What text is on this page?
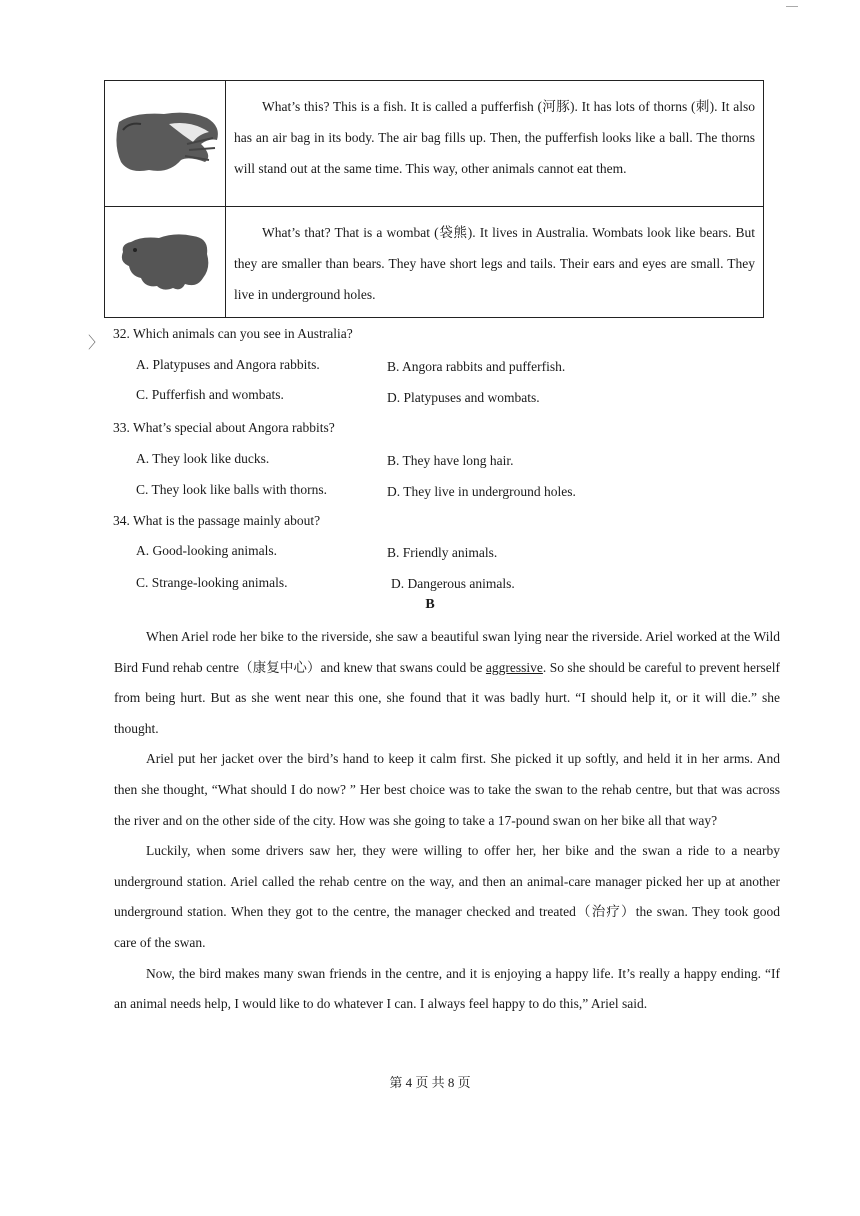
What’s this? This is a fish. It is called a pufferfish (河豚). It has lots of thorns (刺). It also has an air bag in its body. The air bag fills up. Then, the pufferfish looks like a ball. The thorns will stand out at the same time. This way, other animals cannot eat them.
What’s that? That is a wombat (袋熊). It lives in Australia. Wombats look like bears. But they are smaller than bears. They have short legs and tails. Their ears and eyes are small. They live in underground holes.
〉 32. Which animals can you see in Australia?
A. Platypuses and Angora rabbits.	B. Angora rabbits and pufferfish.
C. Pufferfish and wombats.	D. Platypuses and wombats.
33. What’s special about Angora rabbits?
A. They look like ducks.	B. They have long hair.
C. They look like balls with thorns.	D. They live in underground holes.
34. What is the passage mainly about?
A. Good-looking animals.	B. Friendly animals.
C. Strange-looking animals.	D. Dangerous animals.
B

When Ariel rode her bike to the riverside, she saw a beautiful swan lying near the riverside. Ariel worked at the Wild Bird Fund rehab centre（康复中心）and knew that swans could be aggressive. So she should be careful to prevent herself from being hurt. But as she went near this one, she found that it was badly hurt. “I should help it, or it will die.” she thought.

Ariel put her jacket over the bird’s hand to keep it calm first. She picked it up softly, and held it in her arms. And then she thought, “What should I do now? ” Her best choice was to take the swan to the rehab centre, but that was across the river and on the other side of the city. How was she going to take a 17-pound swan on her bike all that way?

Luckily, when some drivers saw her, they were willing to offer her, her bike and the swan a ride to a nearby underground station. Ariel called the rehab centre on the way, and then an animal-care manager picked her up at another underground station. When they got to the centre, the manager checked and treated（治疗）the swan. They took good care of the swan.

Now, the bird makes many swan friends in the centre, and it is enjoying a happy life. It’s really a happy ending. “If an animal needs help, I would like to do whatever I can. I always feel happy to do this,” Ariel said.

第 4 页 共 8 页
